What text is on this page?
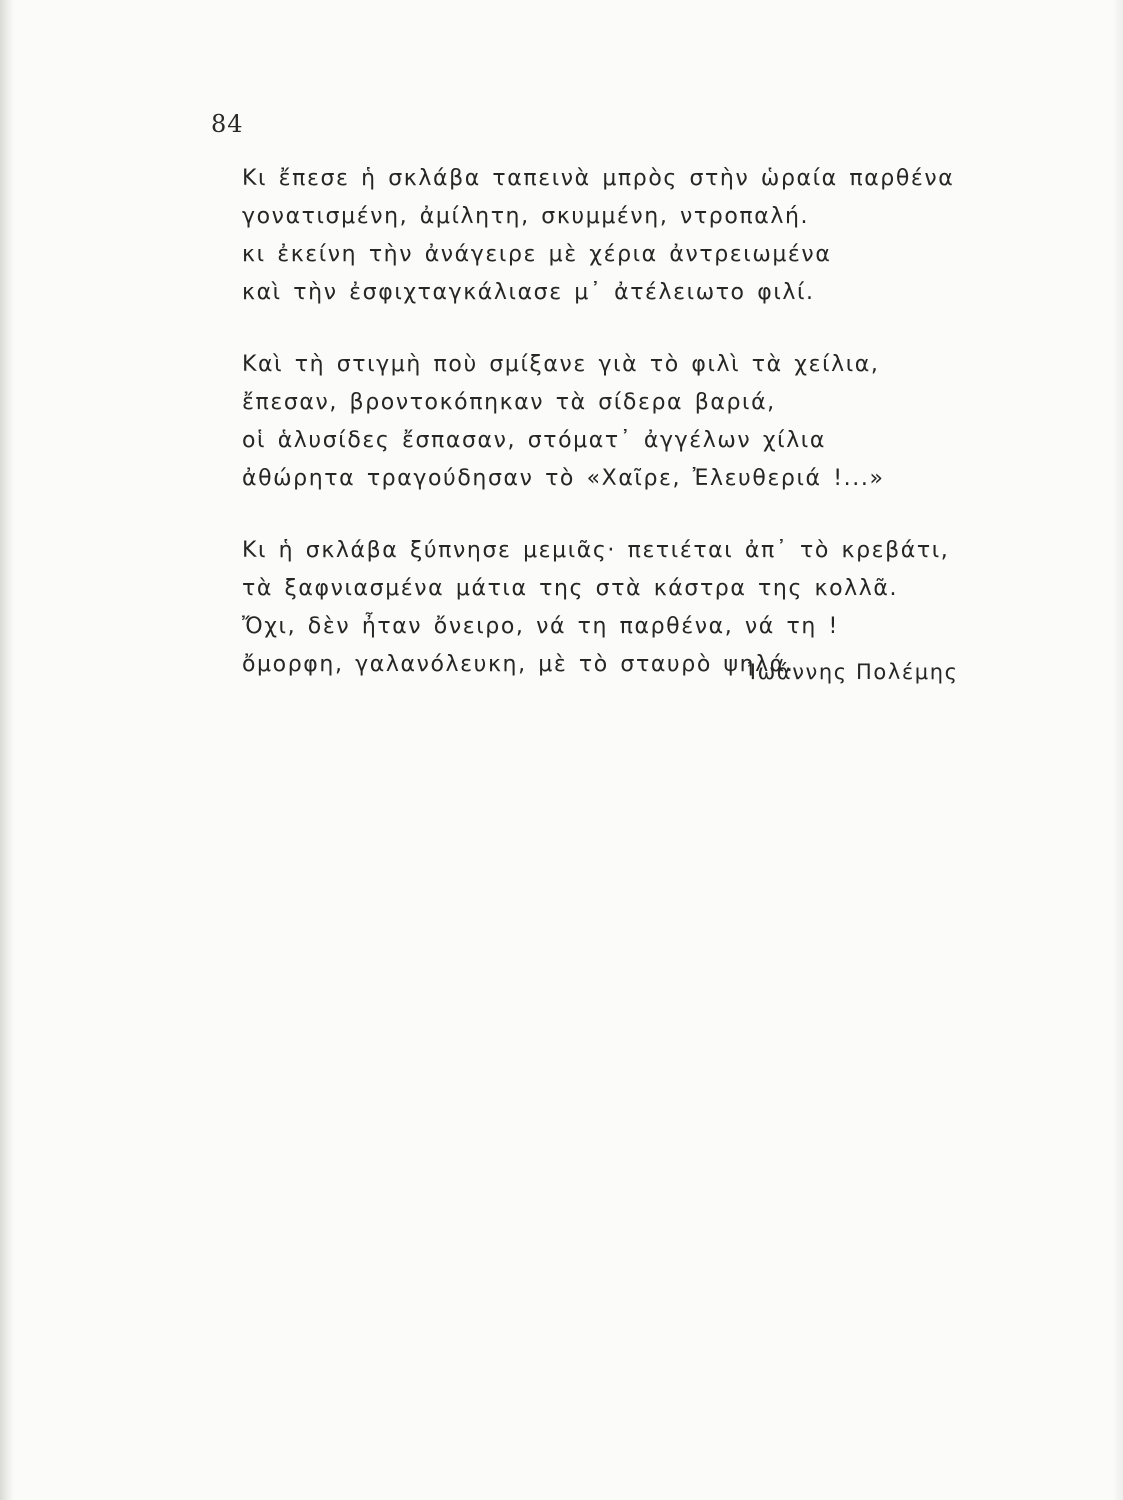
84
Κι ἔπεσε ἡ σκλάβα ταπεινὰ μπρὸς στὴν ὡραία παρθένα
γονατισμένη, ἀμίλητη, σκυμμένη, ντροπαλή.
κι ἐκείνη τὴν ἀνάγειρε μὲ χέρια ἀντρειωμένα
καὶ τὴν ἐσφιχταγκάλιασε μ᾽ ἀτέλειωτο φιλί.
Καὶ τὴ στιγμὴ ποὺ σμίξανε γιὰ τὸ φιλὶ τὰ χείλια,
ἔπεσαν, βροντοκόπηκαν τὰ σίδερα βαριά,
οἱ ἁλυσίδες ἔσπασαν, στόματ᾽ ἀγγέλων χίλια
ἀθώρητα τραγούδησαν τὸ «Χαῖρε, Ἐλευθεριά !...»
Κι ἡ σκλάβα ξύπνησε μεμιᾶς· πετιέται ἀπ᾽ τὸ κρεβάτι,
τὰ ξαφνιασμένα μάτια της στὰ κάστρα της κολλᾶ.
Ὄχι, δὲν ἦταν ὄνειρο, νά τη παρθένα, νά τη !
ὄμορφη, γαλανόλευκη, μὲ τὸ σταυρὸ ψηλά.
Ἰωάννης Πολέμης
